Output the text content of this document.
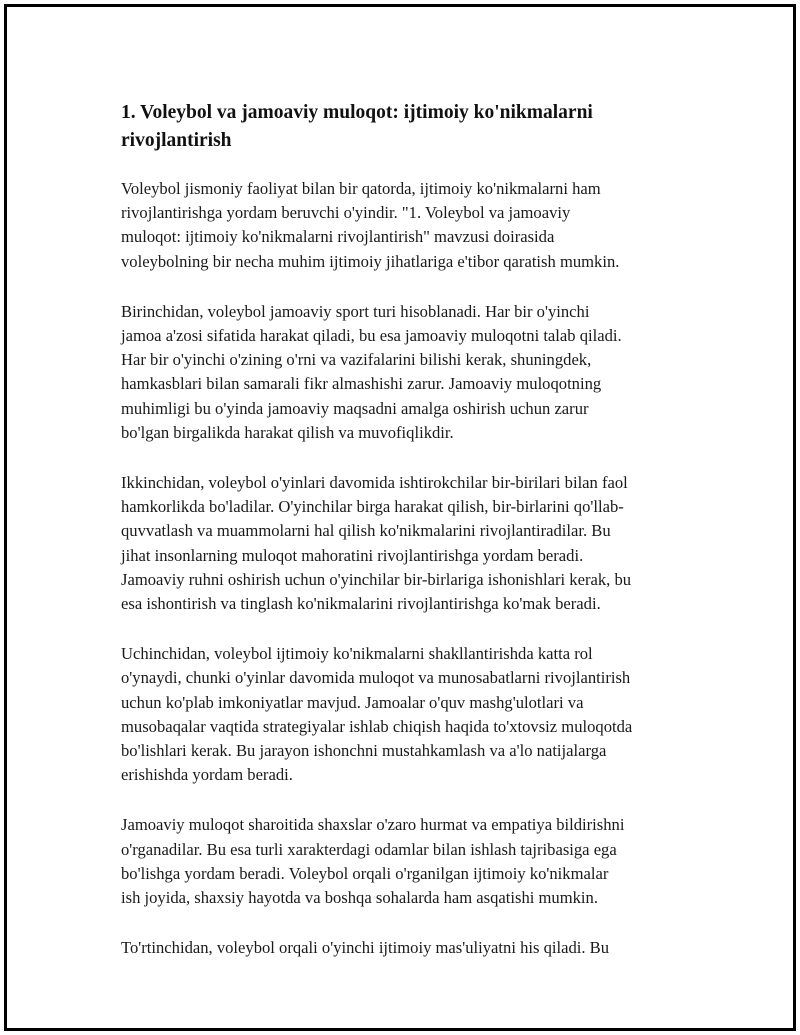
1. Voleybol va jamoaviy muloqot: ijtimoiy ko'nikmalarni rivojlantirish

Voleybol jismoniy faoliyat bilan bir qatorda, ijtimoiy ko'nikmalarni ham
rivojlantirishga yordam beruvchi o'yindir. "1. Voleybol va jamoaviy
muloqot: ijtimoiy ko'nikmalarni rivojlantirish" mavzusi doirasida
voleybolning bir necha muhim ijtimoiy jihatlariga e'tibor qaratish mumkin.

Birinchidan, voleybol jamoaviy sport turi hisoblanadi. Har bir o'yinchi
jamoa a'zosi sifatida harakat qiladi, bu esa jamoaviy muloqotni talab qiladi.
Har bir o'yinchi o'zining o'rni va vazifalarini bilishi kerak, shuningdek,
hamkasblari bilan samarali fikr almashishi zarur. Jamoaviy muloqotning
muhimligi bu o'yinda jamoaviy maqsadni amalga oshirish uchun zarur
bo'lgan birgalikda harakat qilish va muvofiqlikdir.

Ikkinchidan, voleybol o'yinlari davomida ishtirokchilar bir-birilari bilan faol
hamkorlikda bo'ladilar. O'yinchilar birga harakat qilish, bir-birlarini qo'llab-
quvvatlash va muammolarni hal qilish ko'nikmalarini rivojlantiradilar. Bu
jihat insonlarning muloqot mahoratini rivojlantirishga yordam beradi.
Jamoaviy ruhni oshirish uchun o'yinchilar bir-birlariga ishonishlari kerak, bu
esa ishontirish va tinglash ko'nikmalarini rivojlantirishga ko'mak beradi.

Uchinchidan, voleybol ijtimoiy ko'nikmalarni shakllantirishda katta rol
o'ynaydi, chunki o'yinlar davomida muloqot va munosabatlarni rivojlantirish
uchun ko'plab imkoniyatlar mavjud. Jamoalar o'quv mashg'ulotlari va
musobaqalar vaqtida strategiyalar ishlab chiqish haqida to'xtovsiz muloqotda
bo'lishlari kerak. Bu jarayon ishonchni mustahkamlash va a'lo natijalarga
erishishda yordam beradi.

Jamoaviy muloqot sharoitida shaxslar o'zaro hurmat va empatiya bildirishni
o'rganadilar. Bu esa turli xarakterdagi odamlar bilan ishlash tajribasiga ega
bo'lishga yordam beradi. Voleybol orqali o'rganilgan ijtimoiy ko'nikmalar
ish joyida, shaxsiy hayotda va boshqa sohalarda ham asqatishi mumkin.

To'rtinchidan, voleybol orqali o'yinchi ijtimoiy mas'uliyatni his qiladi. Bu
